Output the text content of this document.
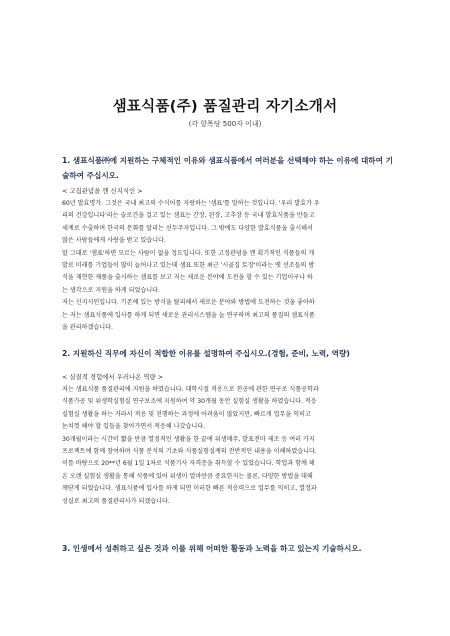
샘표식품(주) 품질관리 자기소개서
(각 항목당 500자 이내)
1. 샘표식품㈜에 지원하는 구체적인 이유와 샘표식품에서 여러분을 선택해야 하는 이유에 대하여 기술하여 주십시오.
< 고집관념을 깬 신지식인 >
60년 발효명가. 그것은 국내 최고의 수식어를 자랑하는 '샘표'를 말하는 것입니다. '우리 발효가 우
리의 건강입니다'라는 슬로건을 걸고 있는 샘표는 간장, 된장, 고추장 등 국내 발효식품을 만들고
세계로 수출하며 한국의 문화를 알리는 선두주자입니다. 그 밖에도 다양한 발효식품을 출시해서
많은 사람들에게 사랑을 받고 있습니다.
말 그대로 '샘표'하면 모르는 사람이 없을 정도입니다. 또한 고정관념을 깬 획기적인 식품들의 개
발로 미래를 기업들이 많이 늘어나고 있는데 샘표 또한 최근 '시골집 토장'이라는 옛 선조들의 방
식을 재현한 제품을 출시하는 샘표를 보고 저는 새로운 분야에 도전을 할 수 있는 기업이구나 하
는 생각으로 지원을 하게 되었습니다.
저는 신지식인입니다. 기존에 있는 방식을 탈피해서 새로운 분야와 방법에 도전하는 것을 좋아하
는 저는 샘표식품에 입사를 하게 되면 새로운 관리시스템을 늘 연구하며 최고의 품질의 샘표식품
을 관리하겠습니다.
2. 지원하신 직무에 자신이 적합한 이유를 설명하여 주십시오.(경험, 준비, 노력, 역량)
< 실질적 경험에서 우러나온 역량 >
저는 샘표식품 품질관리에 지원을 하였습니다. 대학시절 적응으로 전공에 관한 연구로 식품공학과
식품가공 및 위생학실험실 연구보조에 지원하여 약 30개월 동안 실험실 생활을 하였습니다. 적응
실험실 생활을 하는 거라서 적응 및 진행하는 과정에 어려움이 많았지만, 빠르게 업무을 익히고
눈치껏 해야 할 일들을 찾아가면서 적응해 나갔습니다.
30개월이라는 시간이 짧을 만큼 열정적인 생활을 한 끝에 위생매주, 발표전마 제조 등 여러 가지
프로젝트에 함께 참여하며 식품 분석의 기초와 식품실험설계의 전반적인 내용을 이해하였습니다.
이를 바탕으로 20**년 6월 1일 1차로 식품기사 자격증을 취득할 수 있었습니다. 학업과 함께 해
온 오랜 실험실 생활을 통해 식품에 있어 위생이 얼마만큼 중요한지는 물론, 다양한 방법을 대해
깨닫게 되었습니다. 샘표식품에 입사를 하게 되면 이러한 빠른 적응력으로 업무를 익히고, 열정과
성실로 최고의 품질관리사가 되겠습니다.
3. 인생에서 성취하고 싶은 것과 이를 위해 어떠한 활동과 노력을 하고 있는지 기술하시오.
